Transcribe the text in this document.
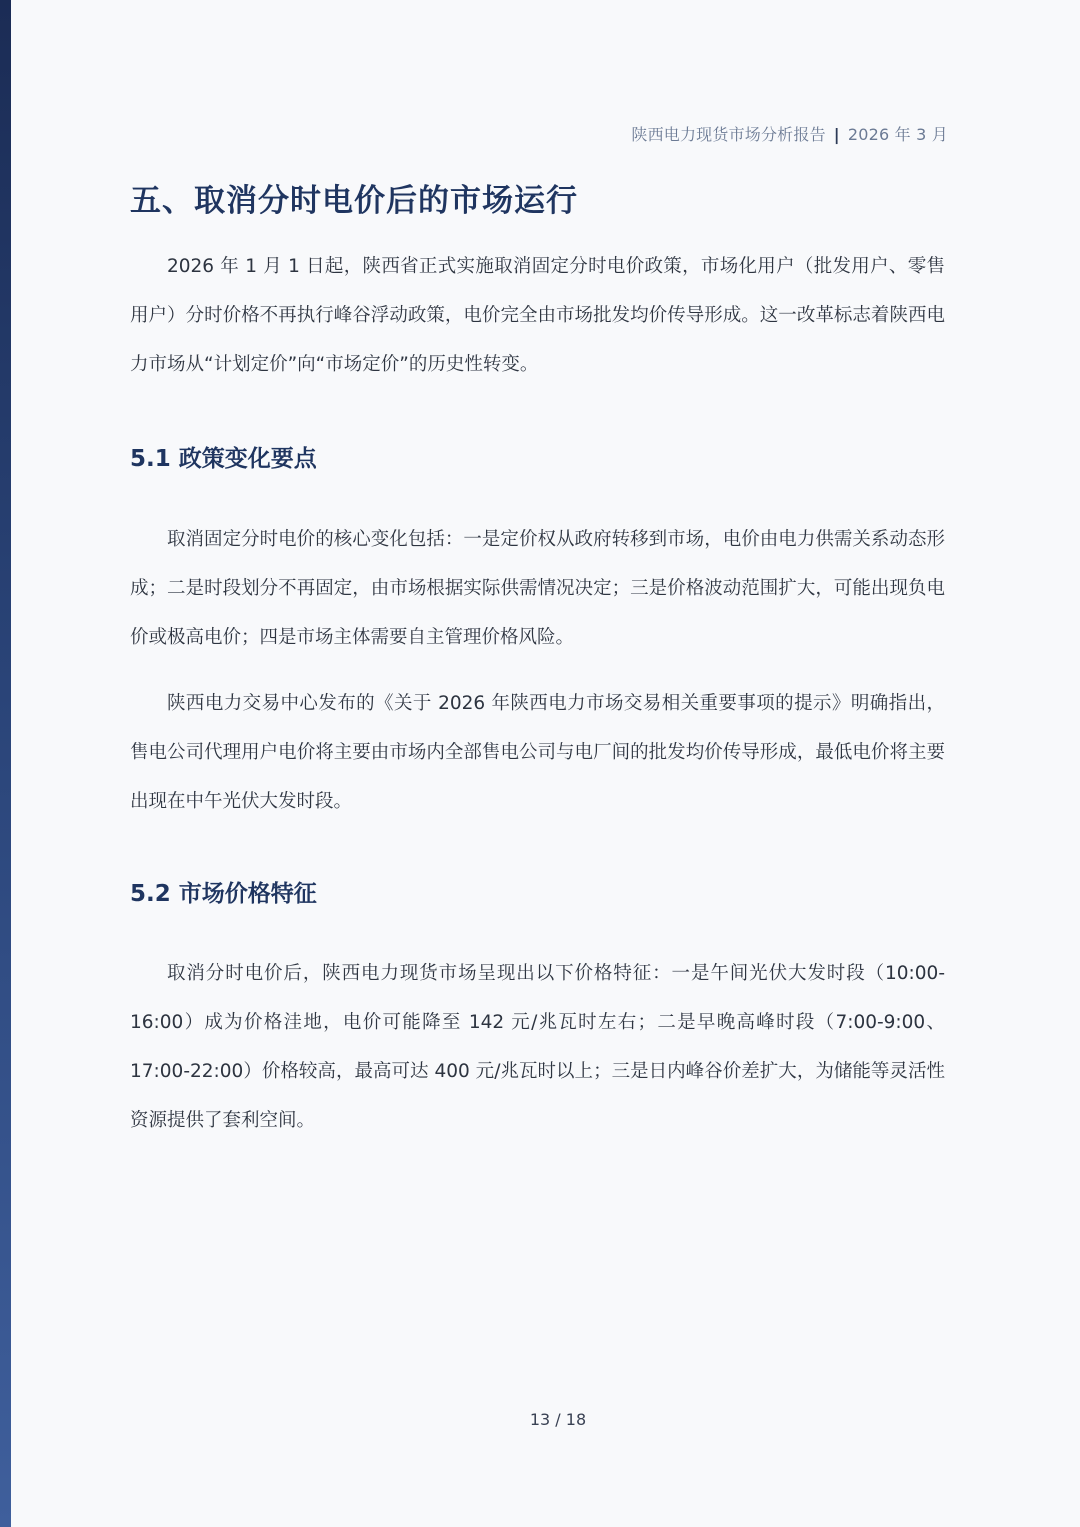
陕西电力现货市场分析报告 | 2026 年 3 月
五、取消分时电价后的市场运行

2026 年 1 月 1 日起，陕西省正式实施取消固定分时电价政策，市场化用户（批发用户、零售用户）分时价格不再执行峰谷浮动政策，电价完全由市场批发均价传导形成。这一改革标志着陕西电力市场从“计划定价”向“市场定价”的历史性转变。

5.1 政策变化要点

取消固定分时电价的核心变化包括：一是定价权从政府转移到市场，电价由电力供需关系动态形成；二是时段划分不再固定，由市场根据实际供需情况决定；三是价格波动范围扩大，可能出现负电价或极高电价；四是市场主体需要自主管理价格风险。

陕西电力交易中心发布的《关于 2026 年陕西电力市场交易相关重要事项的提示》明确指出，售电公司代理用户电价将主要由市场内全部售电公司与电厂间的批发均价传导形成，最低电价将主要出现在中午光伏大发时段。

5.2 市场价格特征

取消分时电价后，陕西电力现货市场呈现出以下价格特征：一是午间光伏大发时段（10:00-16:00）成为价格洼地，电价可能降至 142 元/兆瓦时左右；二是早晚高峰时段（7:00-9:00、17:00-22:00）价格较高，最高可达 400 元/兆瓦时以上；三是日内峰谷价差扩大，为储能等灵活性资源提供了套利空间。

13 / 18
